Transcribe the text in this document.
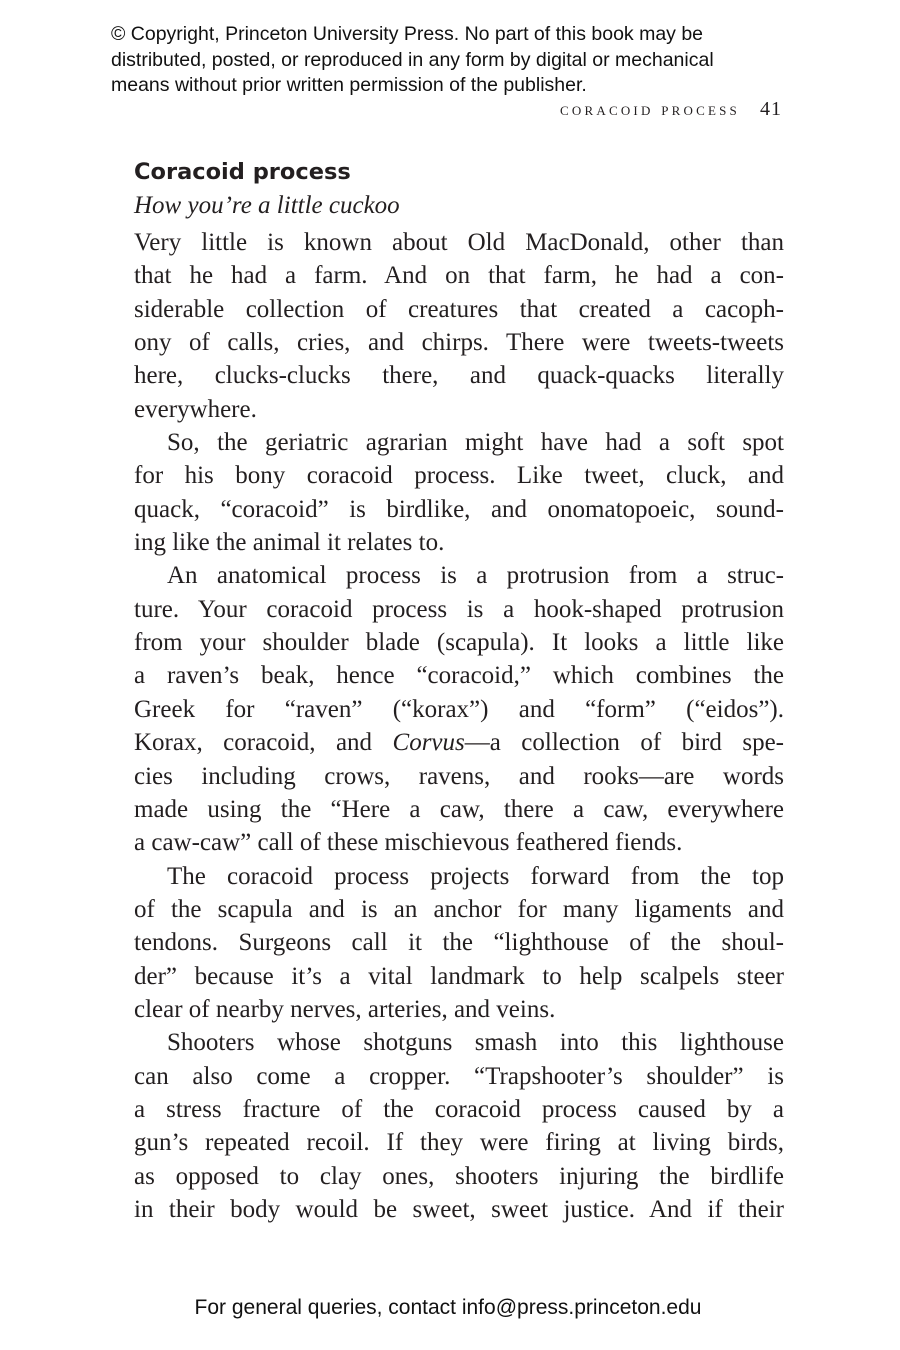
© Copyright, Princeton University Press. No part of this book may be
distributed, posted, or reproduced in any form by digital or mechanical
means without prior written permission of the publisher.
coracoid process 41
Coracoid process
How you’re a little cuckoo
Very little is known about Old MacDonald, other than
that he had a farm. And on that farm, he had a con-
siderable collection of creatures that created a cacoph-
ony of calls, cries, and chirps. There were tweets-tweets
here, clucks-clucks there, and quack-quacks literally
everywhere.
So, the geriatric agrarian might have had a soft spot
for his bony coracoid process. Like tweet, cluck, and
quack, “coracoid” is birdlike, and onomatopoeic, sound-
ing like the animal it relates to.
An anatomical process is a protrusion from a struc-
ture. Your coracoid process is a hook-shaped protrusion
from your shoulder blade (scapula). It looks a little like
a raven’s beak, hence “coracoid,” which combines the
Greek for “raven” (“korax”) and “form” (“eidos”).
Korax, coracoid, and Corvus—a collection of bird spe-
cies including crows, ravens, and rooks—are words
made using the “Here a caw, there a caw, everywhere
a caw-caw” call of these mischievous feathered fiends.
The coracoid process projects forward from the top
of the scapula and is an anchor for many ligaments and
tendons. Surgeons call it the “lighthouse of the shoul-
der” because it’s a vital landmark to help scalpels steer
clear of nearby nerves, arteries, and veins.
Shooters whose shotguns smash into this lighthouse
can also come a cropper. “Trapshooter’s shoulder” is
a stress fracture of the coracoid process caused by a
gun’s repeated recoil. If they were firing at living birds,
as opposed to clay ones, shooters injuring the birdlife
in their body would be sweet, sweet justice. And if their
For general queries, contact info@press.princeton.edu
